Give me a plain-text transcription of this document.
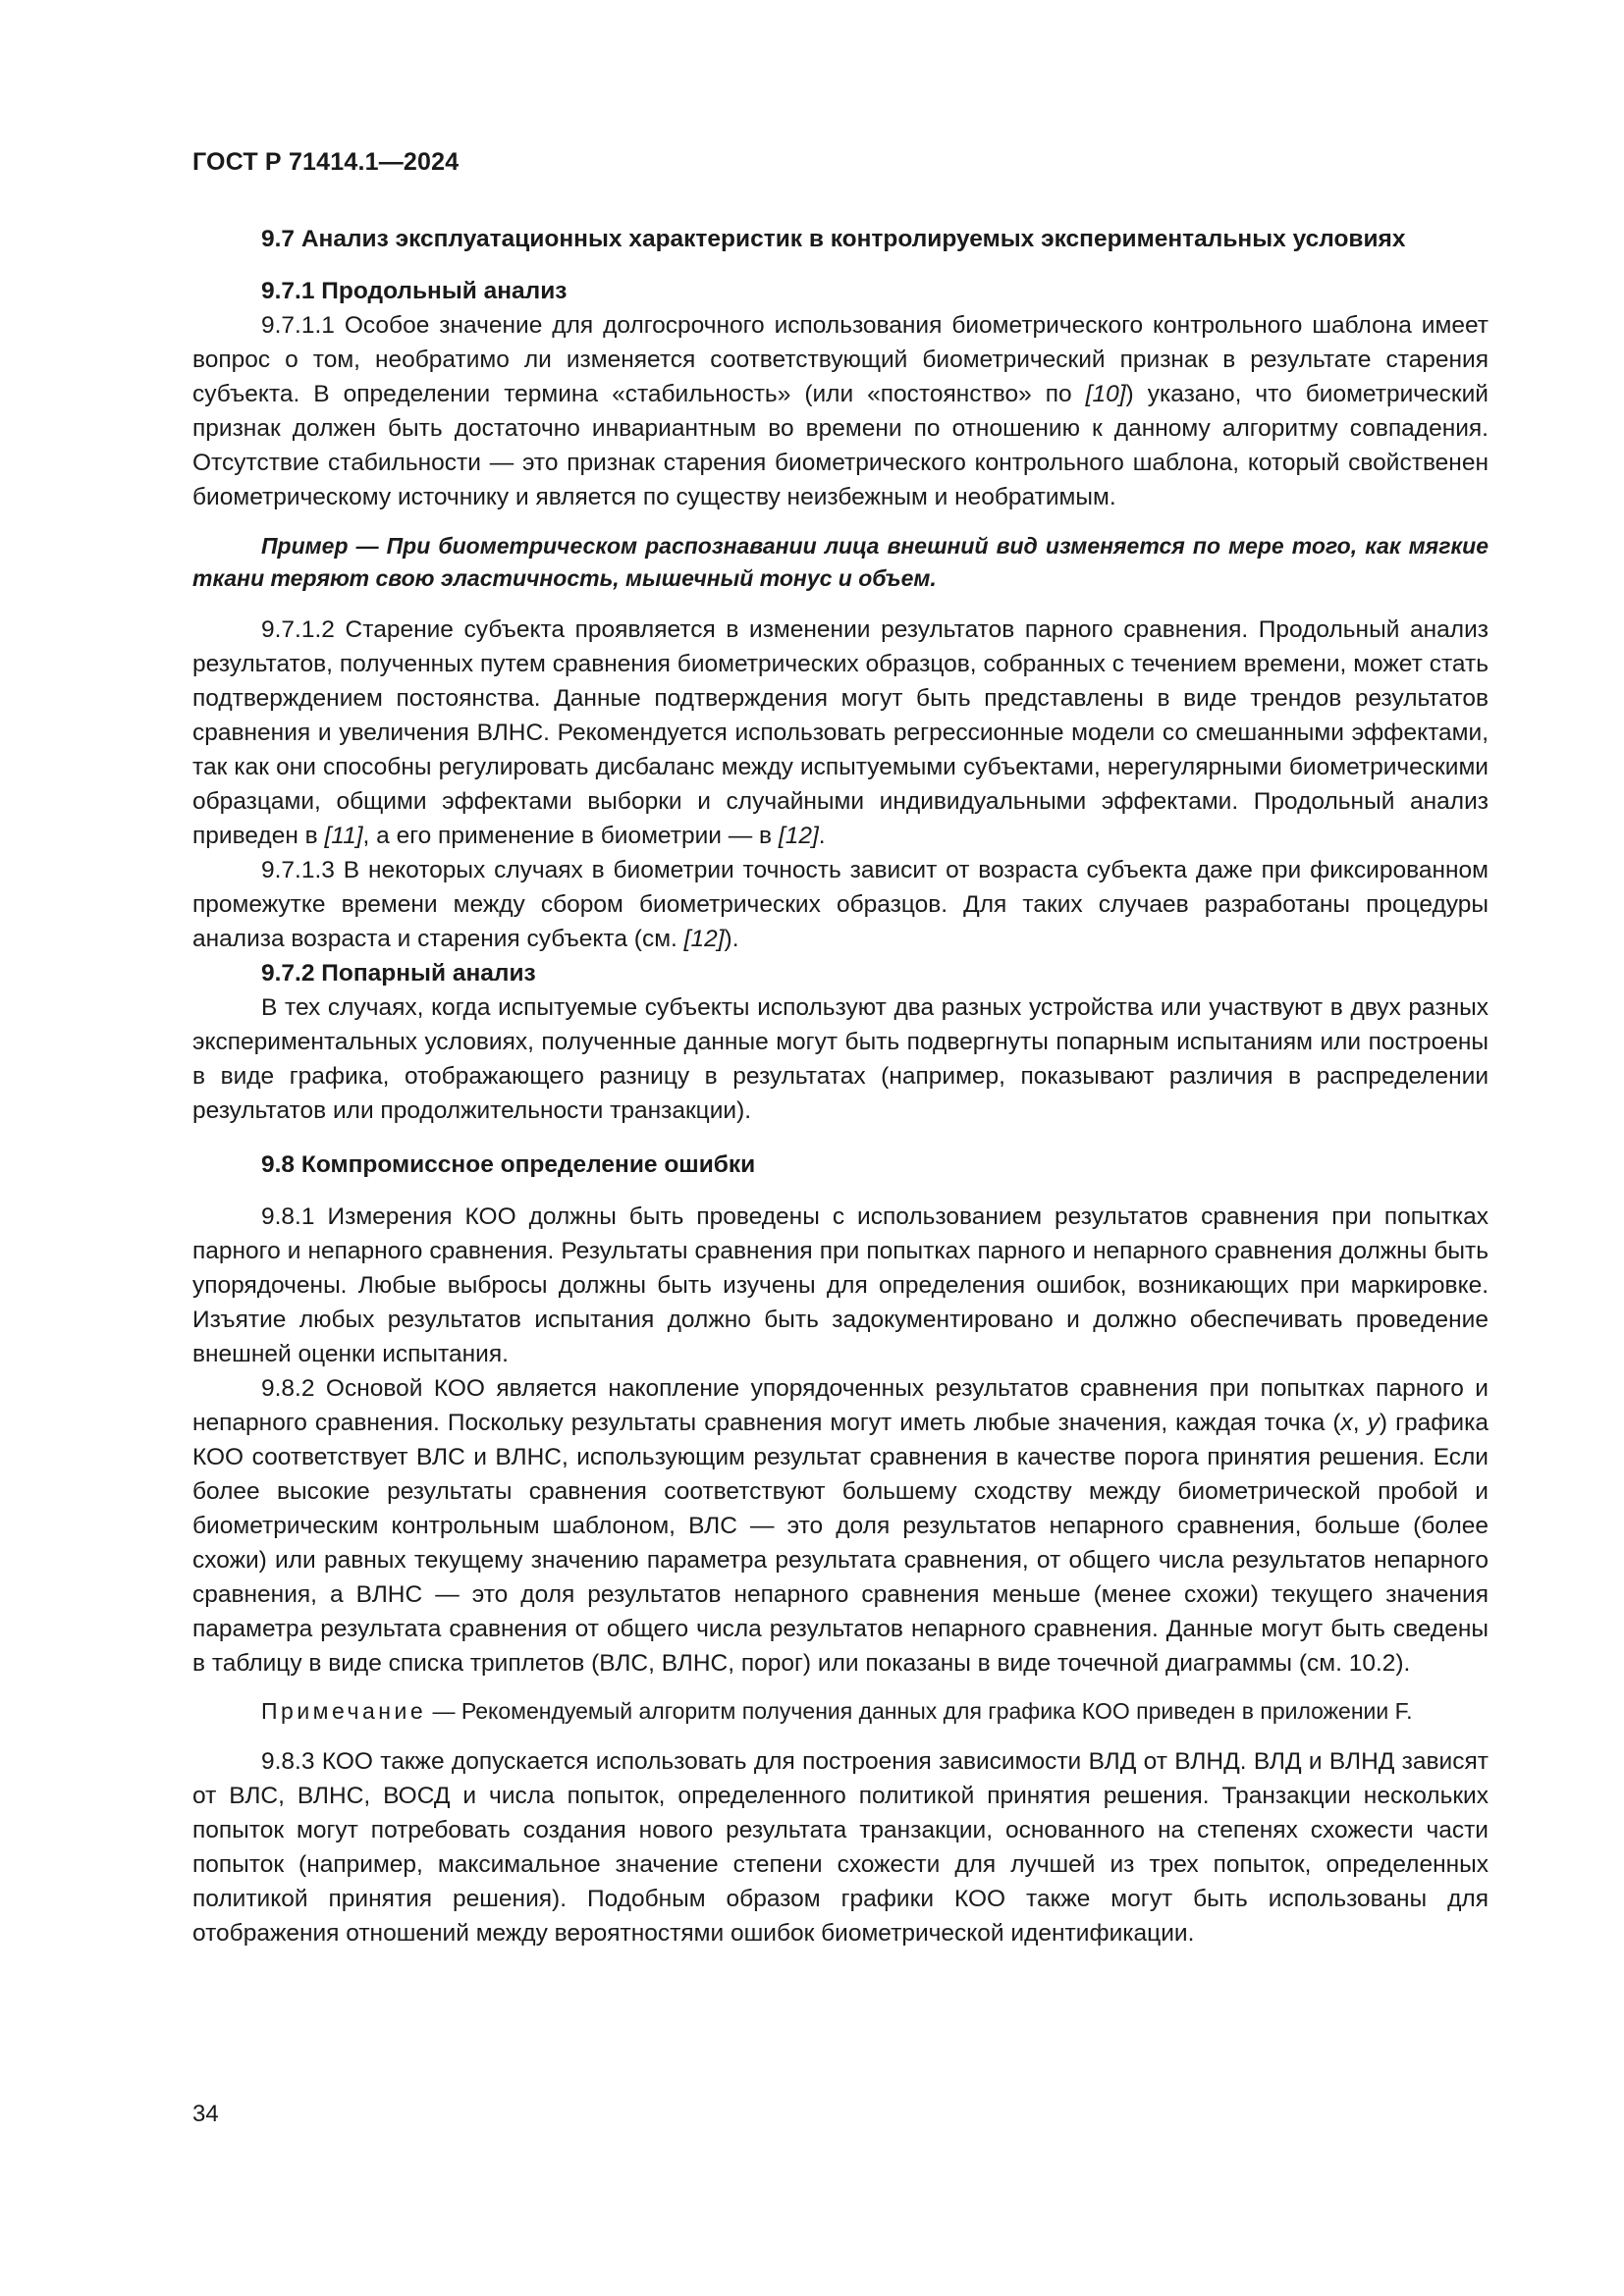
ГОСТ Р 71414.1—2024
9.7 Анализ эксплуатационных характеристик в контролируемых экспериментальных условиях
9.7.1 Продольный анализ

9.7.1.1 Особое значение для долгосрочного использования биометрического контрольного шаблона имеет вопрос о том, необратимо ли изменяется соответствующий биометрический признак в результате старения субъекта. В определении термина «стабильность» (или «постоянство» по [10]) указано, что биометрический признак должен быть достаточно инвариантным во времени по отношению к данному алгоритму совпадения. Отсутствие стабильности — это признак старения биометрического контрольного шаблона, который свойственен биометрическому источнику и является по существу неизбежным и необратимым.

Пример — При биометрическом распознавании лица внешний вид изменяется по мере того, как мягкие ткани теряют свою эластичность, мышечный тонус и объем.

9.7.1.2 Старение субъекта проявляется в изменении результатов парного сравнения. Продольный анализ результатов, полученных путем сравнения биометрических образцов, собранных с течением времени, может стать подтверждением постоянства. Данные подтверждения могут быть представлены в виде трендов результатов сравнения и увеличения ВЛНС. Рекомендуется использовать регрессионные модели со смешанными эффектами, так как они способны регулировать дисбаланс между испытуемыми субъектами, нерегулярными биометрическими образцами, общими эффектами выборки и случайными индивидуальными эффектами. Продольный анализ приведен в [11], а его применение в биометрии — в [12].

9.7.1.3 В некоторых случаях в биометрии точность зависит от возраста субъекта даже при фиксированном промежутке времени между сбором биометрических образцов. Для таких случаев разработаны процедуры анализа возраста и старения субъекта (см. [12]).

9.7.2 Попарный анализ

В тех случаях, когда испытуемые субъекты используют два разных устройства или участвуют в двух разных экспериментальных условиях, полученные данные могут быть подвергнуты попарным испытаниям или построены в виде графика, отображающего разницу в результатах (например, показывают различия в распределении результатов или продолжительности транзакции).

9.8 Компромиссное определение ошибки

9.8.1 Измерения КОО должны быть проведены с использованием результатов сравнения при попытках парного и непарного сравнения. Результаты сравнения при попытках парного и непарного сравнения должны быть упорядочены. Любые выбросы должны быть изучены для определения ошибок, возникающих при маркировке. Изъятие любых результатов испытания должно быть задокументировано и должно обеспечивать проведение внешней оценки испытания.

9.8.2 Основой КОО является накопление упорядоченных результатов сравнения при попытках парного и непарного сравнения. Поскольку результаты сравнения могут иметь любые значения, каждая точка (x, y) графика КОО соответствует ВЛС и ВЛНС, использующим результат сравнения в качестве порога принятия решения. Если более высокие результаты сравнения соответствуют большему сходству между биометрической пробой и биометрическим контрольным шаблоном, ВЛС — это доля результатов непарного сравнения, больше (более схожи) или равных текущему значению параметра результата сравнения, от общего числа результатов непарного сравнения, а ВЛНС — это доля результатов непарного сравнения меньше (менее схожи) текущего значения параметра результата сравнения от общего числа результатов непарного сравнения. Данные могут быть сведены в таблицу в виде списка триплетов (ВЛС, ВЛНС, порог) или показаны в виде точечной диаграммы (см. 10.2).

Примечание — Рекомендуемый алгоритм получения данных для графика КОО приведен в приложении F.

9.8.3 КОО также допускается использовать для построения зависимости ВЛД от ВЛНД. ВЛД и ВЛНД зависят от ВЛС, ВЛНС, ВОСД и числа попыток, определенного политикой принятия решения. Транзакции нескольких попыток могут потребовать создания нового результата транзакции, основанного на степенях схожести части попыток (например, максимальное значение степени схожести для лучшей из трех попыток, определенных политикой принятия решения). Подобным образом графики КОО также могут быть использованы для отображения отношений между вероятностями ошибок биометрической идентификации.

34
